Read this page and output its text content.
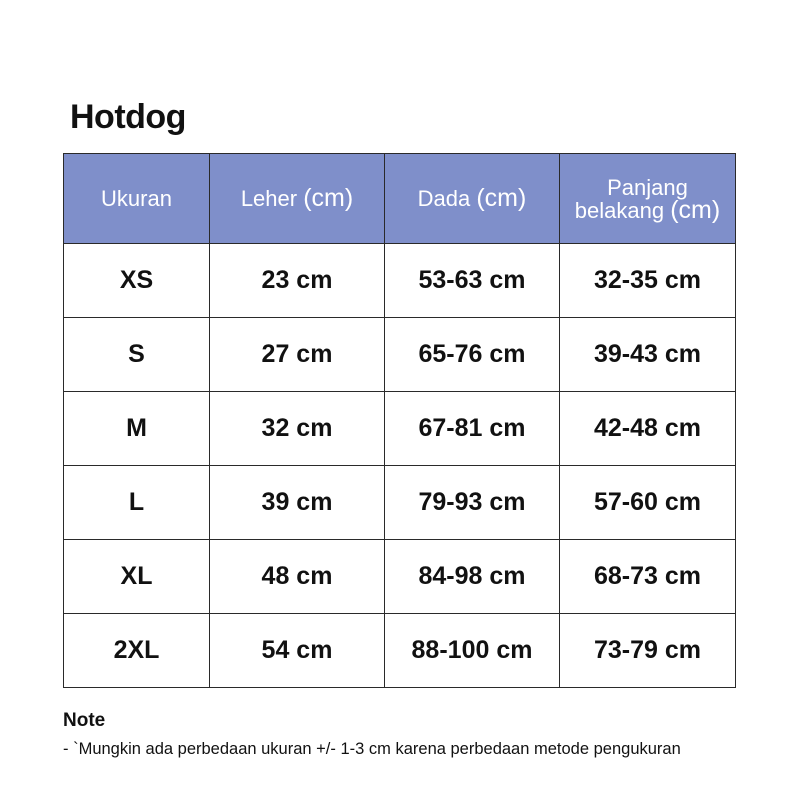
Hotdog
Ukuran	Leher (cm)	Dada (cm)	Panjang belakang (cm)
XS	23 cm	53-63 cm	32-35 cm
S	27 cm	65-76 cm	39-43 cm
M	32 cm	67-81 cm	42-48 cm
L	39 cm	79-93 cm	57-60 cm
XL	48 cm	84-98 cm	68-73 cm
2XL	54 cm	88-100 cm	73-79 cm
Note
- `Mungkin ada perbedaan ukuran +/- 1-3 cm karena perbedaan metode pengukuran
